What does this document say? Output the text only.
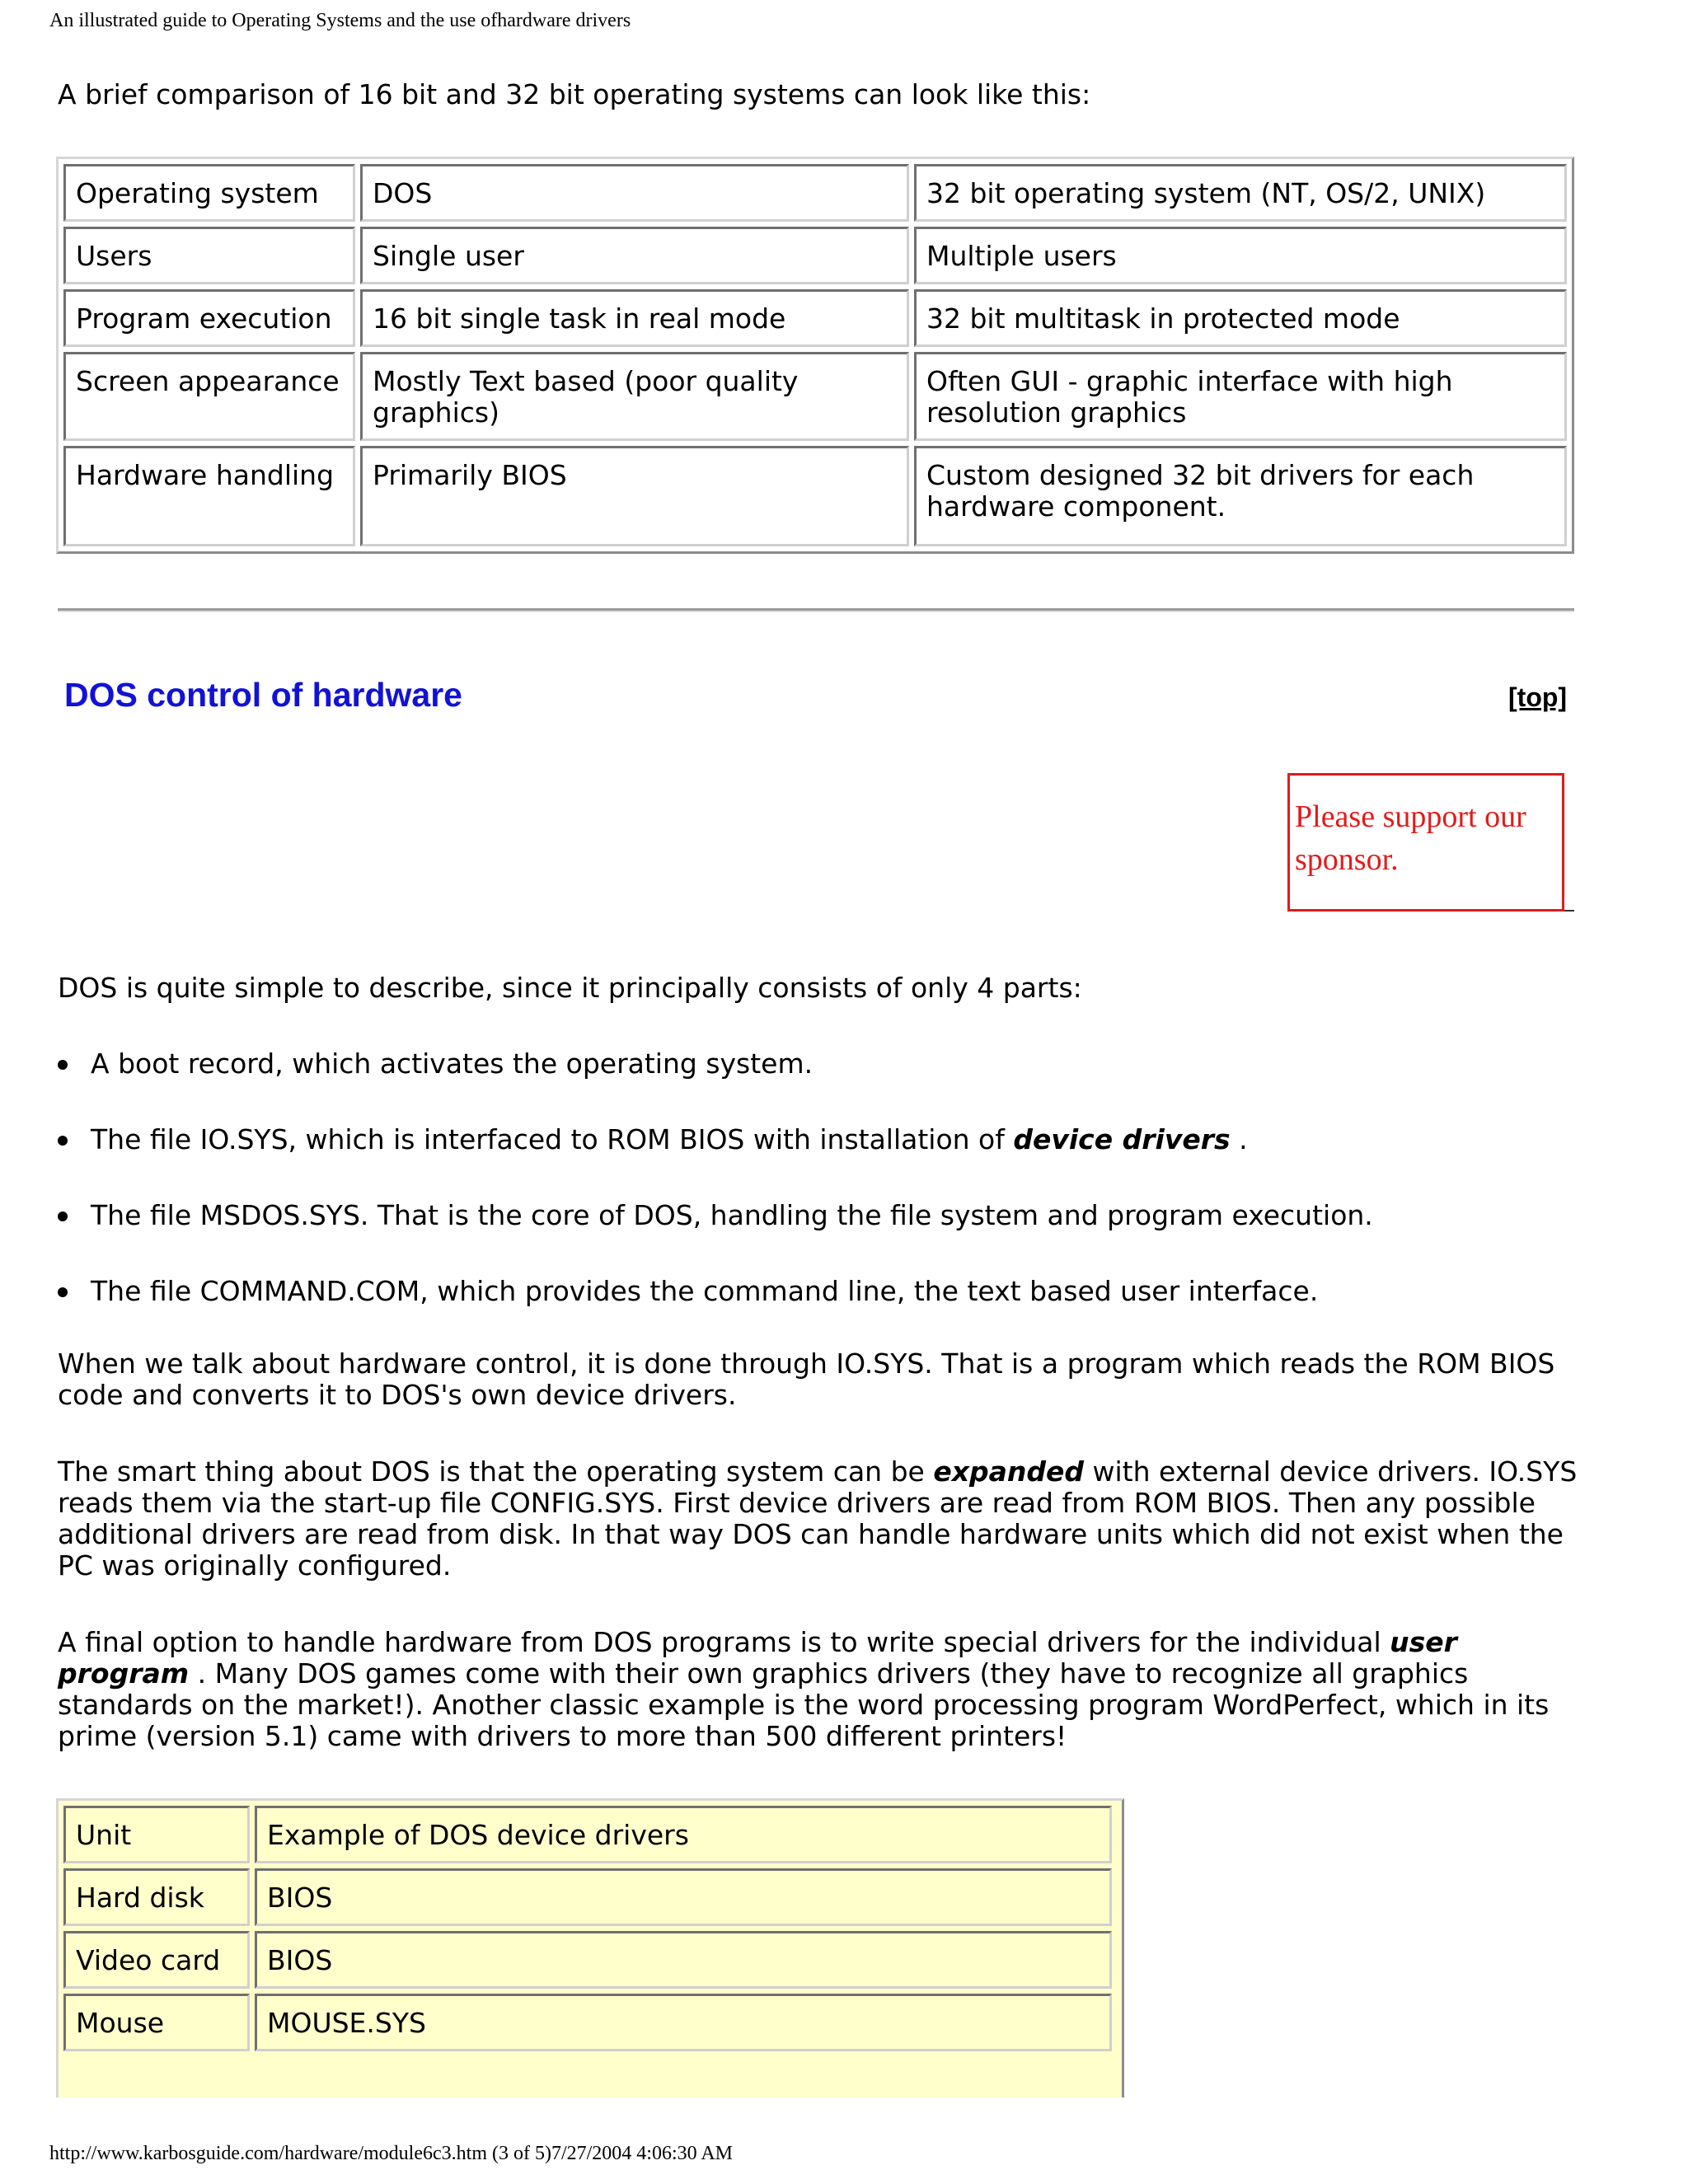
An illustrated guide to Operating Systems and the use ofhardware drivers

A brief comparison of 16 bit and 32 bit operating systems can look like this:

Operating system	DOS	32 bit operating system (NT, OS/2, UNIX)
Users	Single user	Multiple users
Program execution	16 bit single task in real mode	32 bit multitask in protected mode
Screen appearance	Mostly Text based (poor quality graphics)	Often GUI - graphic interface with high resolution graphics
Hardware handling	Primarily BIOS	Custom designed 32 bit drivers for each hardware component.
DOS control of hardware	[top]
Please support our sponsor.

DOS is quite simple to describe, since it principally consists of only 4 parts:

A boot record, which activates the operating system.
The file IO.SYS, which is interfaced to ROM BIOS with installation of device drivers .
The file MSDOS.SYS. That is the core of DOS, handling the file system and program execution.
The file COMMAND.COM, which provides the command line, the text based user interface.

When we talk about hardware control, it is done through IO.SYS. That is a program which reads the ROM BIOS code and converts it to DOS's own device drivers.

The smart thing about DOS is that the operating system can be expanded with external device drivers. IO.SYS reads them via the start-up file CONFIG.SYS. First device drivers are read from ROM BIOS. Then any possible additional drivers are read from disk. In that way DOS can handle hardware units which did not exist when the PC was originally configured.

A final option to handle hardware from DOS programs is to write special drivers for the individual user program . Many DOS games come with their own graphics drivers (they have to recognize all graphics standards on the market!). Another classic example is the word processing program WordPerfect, which in its prime (version 5.1) came with drivers to more than 500 different printers!

Unit	Example of DOS device drivers
Hard disk	BIOS
Video card	BIOS
Mouse	MOUSE.SYS
http://www.karbosguide.com/hardware/module6c3.htm (3 of 5)7/27/2004 4:06:30 AM
